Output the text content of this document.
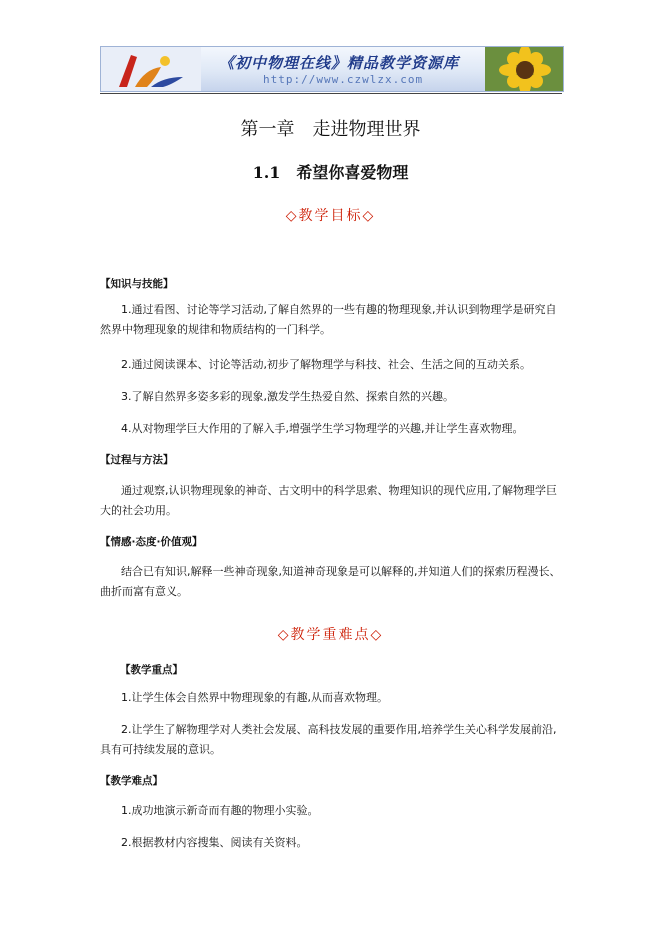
《初中物理在线》精品教学资源库
http://www.czwlzx.com
第一章　走进物理世界
1.1　希望你喜爱物理
◇教学目标◇
【知识与技能】
1.通过看图、讨论等学习活动,了解自然界的一些有趣的物理现象,并认识到物理学是研究自然界中物理现象的规律和物质结构的一门科学。
2.通过阅读课本、讨论等活动,初步了解物理学与科技、社会、生活之间的互动关系。
3.了解自然界多姿多彩的现象,激发学生热爱自然、探索自然的兴趣。
4.从对物理学巨大作用的了解入手,增强学生学习物理学的兴趣,并让学生喜欢物理。
【过程与方法】
通过观察,认识物理现象的神奇、古文明中的科学思索、物理知识的现代应用,了解物理学巨大的社会功用。
【情感·态度·价值观】
结合已有知识,解释一些神奇现象,知道神奇现象是可以解释的,并知道人们的探索历程漫长、曲折而富有意义。
◇教学重难点◇
【教学重点】
1.让学生体会自然界中物理现象的有趣,从而喜欢物理。
2.让学生了解物理学对人类社会发展、高科技发展的重要作用,培养学生关心科学发展前沿,具有可持续发展的意识。
【教学难点】
1.成功地演示新奇而有趣的物理小实验。
2.根据教材内容搜集、阅读有关资料。
